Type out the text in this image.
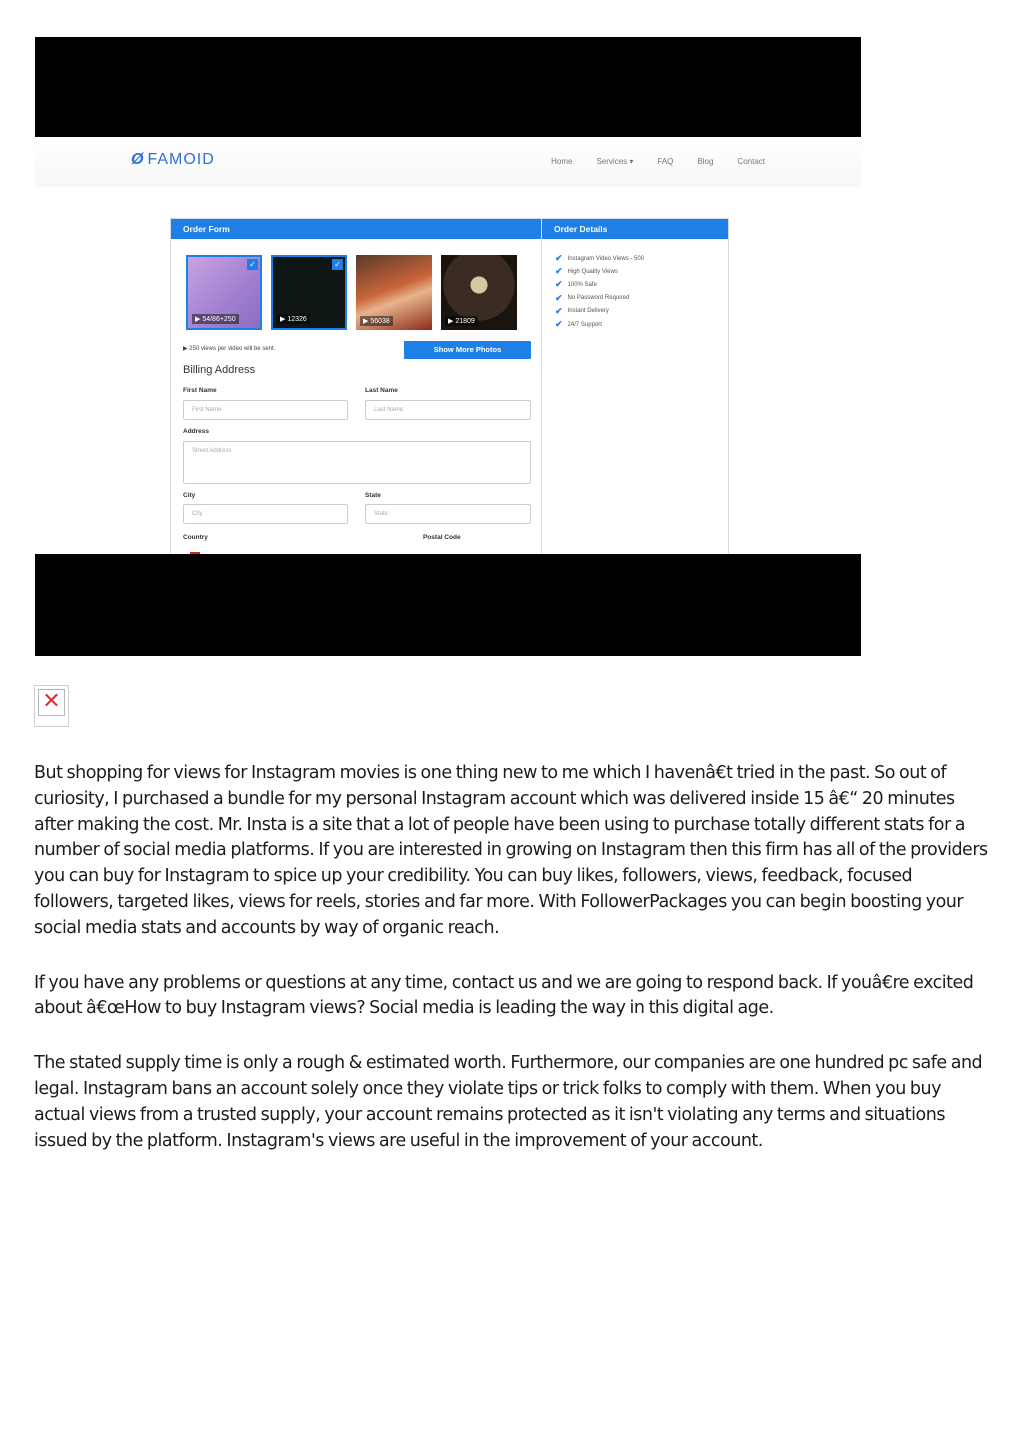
Ø FAMOID	Home	Services ▾	FAQ	Blog	Contact
Order Form	Order Details
✓
▶ 54/86+250
✓
▶ 12326	▶ 56038	▶ 21809
▶ 250 views per video will be sent.	Show More Photos
Billing Address
First Name
First Name
Last Name
Last Name
Address
Street Address
City
City
State
State
Country	Postal Code
✔ Instagram Video Views - 500
✔ High Quality Views
✔ 100% Safe
✔ No Password Required
✔ Instant Delivery
✔ 24/7 Support
✕

But shopping for views for Instagram movies is one thing new to me which I havenâ€t tried in the past. So out of curiosity, I purchased a bundle for my personal Instagram account which was delivered inside 15 â€“ 20 minutes after making the cost. Mr. Insta is a site that a lot of people have been using to purchase totally different stats for a number of social media platforms. If you are interested in growing on Instagram then this firm has all of the providers you can buy for Instagram to spice up your credibility. You can buy likes, followers, views, feedback, focused followers, targeted likes, views for reels, stories and far more. With FollowerPackages you can begin boosting your social media stats and accounts by way of organic reach.

If you have any problems or questions at any time, contact us and we are going to respond back. If youâ€re excited about â€œHow to buy Instagram views? Social media is leading the way in this digital age.

The stated supply time is only a rough & estimated worth. Furthermore, our companies are one hundred pc safe and legal. Instagram bans an account solely once they violate tips or trick folks to comply with them. When you buy actual views from a trusted supply, your account remains protected as it isn't violating any terms and situations issued by the platform. Instagram's views are useful in the improvement of your account.
